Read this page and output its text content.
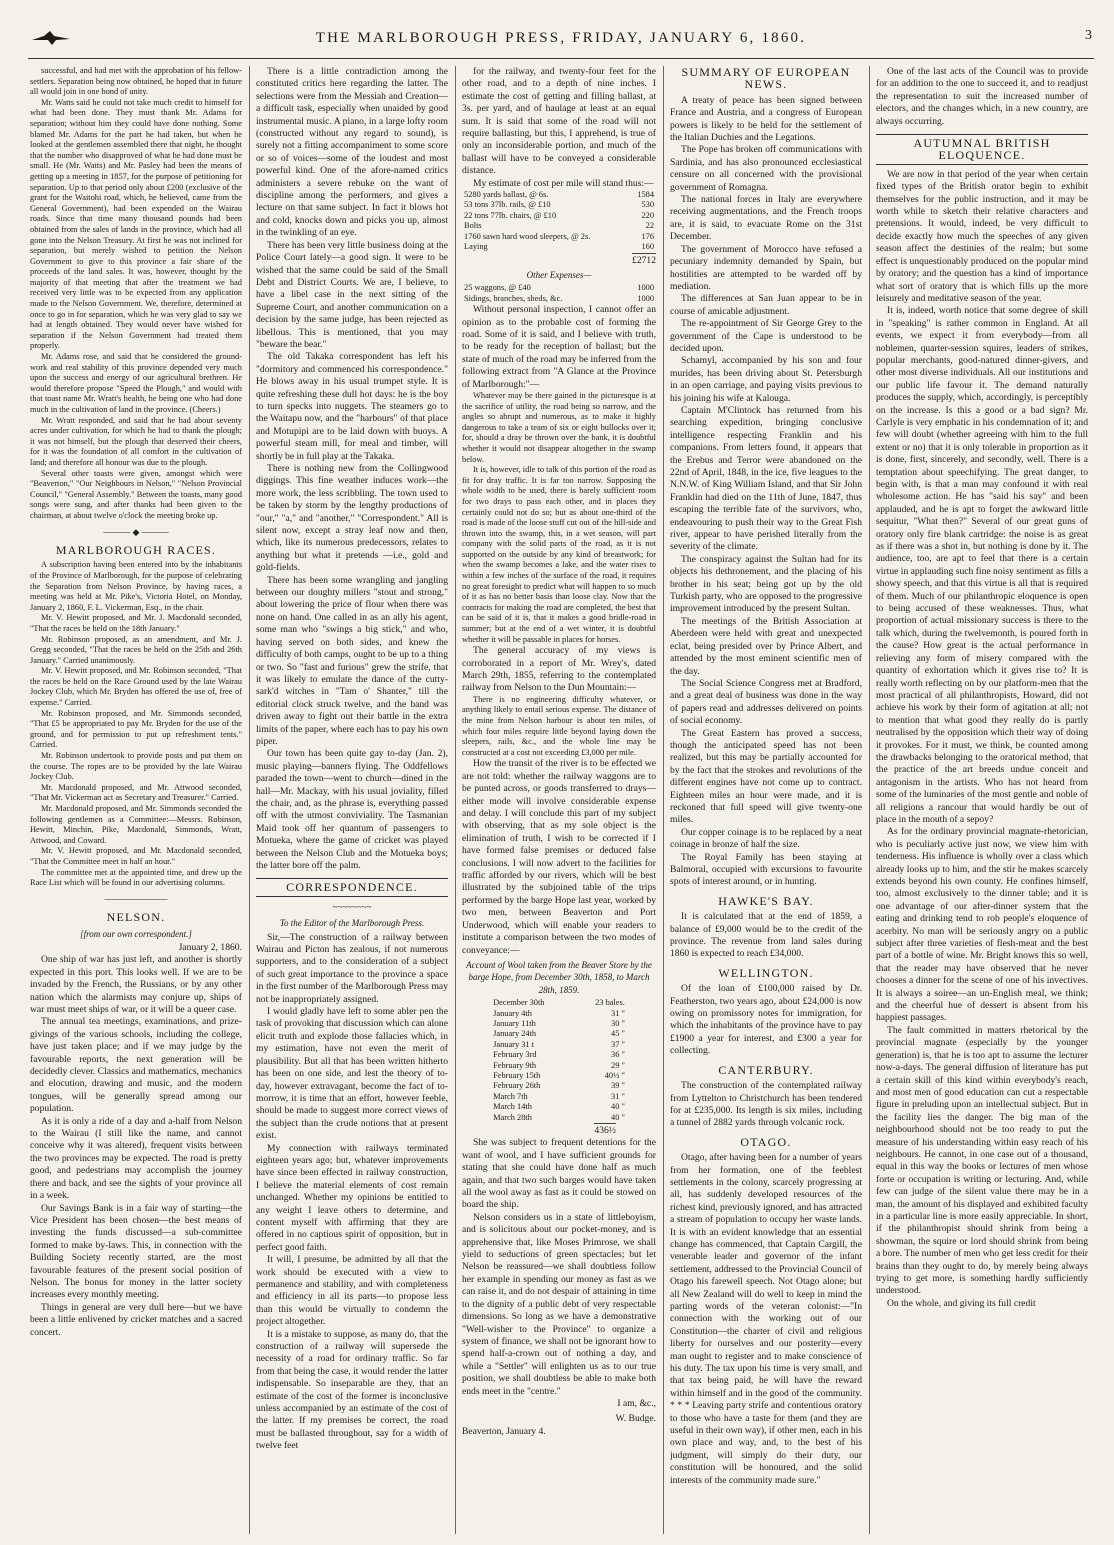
THE MARLBOROUGH PRESS, FRIDAY, JANUARY 6, 1860.	3

successful, and had met with the approbation of his fellow-settlers. Separation being now obtained, he hoped that in future all would join in one bond of unity.

Mr. Watts said he could not take much credit to himself for what had been done. They must thank Mr. Adams for separation; without him they could have done nothing. Some blamed Mr. Adams for the part he had taken, but when he looked at the gentlemen assembled there that night, he thought that the number who disapproved of what he had done must be small. He (Mr. Watts) and Mr. Pasley had been the means of getting up a meeting in 1857, for the purpose of petitioning for separation. Up to that period only about £200 (exclusive of the grant for the Waitohi road, which, he believed, came from the General Government), had been expended on the Wairau roads. Since that time many thousand pounds had been obtained from the sales of lands in the province, which had all gone into the Nelson Treasury. At first he was not inclined for separation, but merely wished to petition the Nelson Government to give to this province a fair share of the proceeds of the land sales. It was, however, thought by the majority of that meeting that after the treatment we had received very little was to be expected from any application made to the Nelson Government. We, therefore, determined at once to go in for separation, which he was very glad to say we had at length obtained. They would never have wished for separation if the Nelson Government had treated them properly.

Mr. Adams rose, and said that he considered the ground-work and real stability of this province depended very much upon the success and energy of our agricultural brethren. He would therefore propose "Speed the Plough," and would with that toast name Mr. Wratt's health, he being one who had done much in the cultivation of land in the province. (Cheers.)

Mr. Wratt responded, and said that he had about seventy acres under cultivation, for which he had to thank the plough; it was not himself, but the plough that deserved their cheers, for it was the foundation of all comfort in the cultivation of land; and therefore all honour was due to the plough.

Several other toasts were given, amongst which were "Beaverton," "Our Neighbours in Nelson," "Nelson Provincial Council," "General Assembly." Between the toasts, many good songs were sung, and after thanks had been given to the chairman, at about twelve o'clock the meeting broke up.

——— ◆ ———
MARLBOROUGH RACES.

A subscription having been entered into by the inhabitants of the Province of Marlborough, for the purpose of celebrating the Separation from Nelson Province, by having races, a meeting was held at Mr. Pike's, Victoria Hotel, on Monday, January 2, 1860, F. L. Vickerman, Esq., in the chair.

Mr. V. Hewitt proposed, and Mr. J. Macdonald seconded, "That the races be held on the 18th January."

Mr. Robinson proposed, as an amendment, and Mr. J. Gregg seconded, "That the races be held on the 25th and 26th January." Carried unanimously.

Mr. V. Hewitt proposed, and Mr. Robinson seconded, "That the races be held on the Race Ground used by the late Wairau Jockey Club, which Mr. Bryden has offered the use of, free of expense." Carried.

Mr. Robinson proposed, and Mr. Simmonds seconded, "That £5 be appropriated to pay Mr. Bryden for the use of the ground, and for permission to put up refreshment tents." Carried.

Mr. Robinson undertook to provide posts and put them on the course. The ropes are to be provided by the late Wairau Jockey Club.

Mr. Macdonald proposed, and Mr. Attwood seconded, "That Mr. Vickerman act as Secretary and Treasurer." Carried.

Mr. Macdonald proposed, and Mr. Simmonds seconded the following gentlemen as a Committee:—Messrs. Robinson, Hewitt, Minchin, Pike, Macdonald, Simmonds, Wratt, Attwood, and Coward.

Mr. V. Hewitt proposed, and Mr. Macdonald seconded, "That the Committee meet in half an hour."

The committee met at the appointed time, and drew up the Race List which will be found in our advertising columns.

———————
NELSON.
[from our own correspondent.]
January 2, 1860.

One ship of war has just left, and another is shortly expected in this port. This looks well. If we are to be invaded by the French, the Russians, or by any other nation which the alarmists may conjure up, ships of war must meet ships of war, or it will be a queer case.

The annual tea meetings, examinations, and prize-givings of the various schools, including the college, have just taken place; and if we may judge by the favourable reports, the next generation will be decidedly clever. Classics and mathematics, mechanics and elocution, drawing and music, and the modern tongues, will be generally spread among our population.

As it is only a ride of a day and a-half from Nelson to the Wairau (I still like the name, and cannot conceive why it was altered), frequent visits between the two provinces may be expected. The road is pretty good, and pedestrians may accomplish the journey there and back, and see the sights of your province all in a week.

Our Savings Bank is in a fair way of starting—the Vice President has been chosen—the best means of investing the funds discussed—a sub-committee formed to make by-laws. This, in connection with the Building Society recently started, are the most favourable features of the present social position of Nelson. The bonus for money in the latter society increases every monthly meeting.

Things in general are very dull here—but we have been a little enlivened by cricket matches and a sacred concert.

There is a little contradiction among the constituted critics here regarding the latter. The selections were from the Messiah and Creation—a difficult task, especially when unaided by good instrumental music. A piano, in a large lofty room (constructed without any regard to sound), is surely not a fitting accompaniment to some score or so of voices—some of the loudest and most powerful kind. One of the afore-named critics administers a severe rebuke on the want of discipline among the performers, and gives a lecture on that same subject. In fact it blows hot and cold, knocks down and picks you up, almost in the twinkling of an eye.

There has been very little business doing at the Police Court lately—a good sign. It were to be wished that the same could be said of the Small Debt and District Courts. We are, I believe, to have a libel case in the next sitting of the Supreme Court, and another communication on a decision by the same judge, has been rejected as libellous. This is mentioned, that you may "beware the bear."

The old Takaka correspondent has left his "dormitory and commenced his correspondence." He blows away in his usual trumpet style. It is quite refreshing these dull hot days: he is the boy to turn specks into nuggets. The steamers go to the Waitapu now, and the "harbours" of that place and Motupipi are to be laid down with buoys. A powerful steam mill, for meal and timber, will shortly be in full play at the Takaka.

There is nothing new from the Collingwood diggings. This fine weather induces work—the more work, the less scribbling. The town used to be taken by storm by the lengthy productions of "our," "a," and "another," "Correspondent." All is silent now, except a stray leaf now and then, which, like its numerous predecessors, relates to anything but what it pretends —i.e., gold and gold-fields.

There has been some wrangling and jangling between our doughty millers "stout and strong," about lowering the price of flour when there was none on hand. One called in as an ally his agent, some man who "swings a big stick," and who, having served on both sides, and knew the difficulty of both camps, ought to be up to a thing or two. So "fast and furious" grew the strife, that it was likely to emulate the dance of the cutty-sark'd witches in "Tam o' Shanter," till the editorial clock struck twelve, and the band was driven away to fight out their battle in the extra limits of the paper, where each has to pay his own piper.

Our town has been quite gay to-day (Jan. 2), music playing—banners flying. The Oddfellows paraded the town—went to church—dined in the hall—Mr. Mackay, with his usual joviality, filled the chair, and, as the phrase is, everything passed off with the utmost conviviality. The Tasmanian Maid took off her quantum of passengers to Motueka, where the game of cricket was played between the Nelson Club and the Motueka boys; the latter bore off the palm.

CORRESPONDENCE.
~~~~~~~~
To the Editor of the Marlborough Press.

Sir,—The construction of a railway between Wairau and Picton has zealous, if not numerous supporters, and to the consideration of a subject of such great importance to the province a space in the first number of the Marlborough Press may not be inappropriately assigned.

I would gladly have left to some abler pen the task of provoking that discussion which can alone elicit truth and explode those fallacies which, in my estimation, have not even the merit of plausibility. But all that has been written hitherto has been on one side, and lest the theory of to-day, however extravagant, become the fact of to-morrow, it is time that an effort, however feeble, should be made to suggest more correct views of the subject than the crude notions that at present exist.

My connection with railways terminated eighteen years ago; but, whatever improvements have since been effected in railway construction, I believe the material elements of cost remain unchanged. Whether my opinions be entitled to any weight I leave others to determine, and content myself with affirming that they are offered in no captious spirit of opposition, but in perfect good faith.

It will, I presume, be admitted by all that the work should be executed with a view to permanence and stability, and with completeness and efficiency in all its parts—to propose less than this would be virtually to condemn the project altogether.

It is a mistake to suppose, as many do, that the construction of a railway will supersede the necessity of a road for ordinary traffic. So far from that being the case, it would render the latter indispensable. So inseparable are they, that an estimate of the cost of the former is inconclusive unless accompanied by an estimate of the cost of the latter. If my premises be correct, the road must be ballasted throughout, say for a width of twelve feet

for the railway, and twenty-four feet for the other road, and to a depth of nine inches. I estimate the cost of getting and filling ballast, at 3s. per yard, and of haulage at least at an equal sum. It is said that some of the road will not require ballasting, but this, I apprehend, is true of only an inconsiderable portion, and much of the ballast will have to be conveyed a considerable distance.

My estimate of cost per mile will stand thus:—

5280 yards ballast, @ 6s.	1584
53 tons 37lb. rails, @ £10	530
22 tons 77lb. chairs, @ £10	220
Bolts	22
1760 sawn hard wood sleepers, @ 2s.	176
Laying	160
£2712
Other Expenses—
25 waggons, @ £40	1000
Sidings, branches, sheds, &c.	1000

Without personal inspection, I cannot offer an opinion as to the probable cost of forming the road. Some of it is said, and I believe with truth, to be ready for the reception of ballast; but the state of much of the road may be inferred from the following extract from "A Glance at the Province of Marlborough:"—

Whatever may be there gained in the picturesque is at the sacrifice of utility, the road being so narrow, and the angles so abrupt and numerous, as to make it highly dangerous to take a team of six or eight bullocks over it; for, should a dray be thrown over the bank, it is doubtful whether it would not disappear altogether in the swamp below.

It is, however, idle to talk of this portion of the road as fit for dray traffic. It is far too narrow. Supposing the whole width to be used, there is barely sufficient room for two drays to pass each other, and in places they certainly could not do so; but as about one-third of the road is made of the loose stuff cut out of the hill-side and thrown into the swamp, this, in a wet season, will part company with the solid parts of the road, as it is not supported on the outside by any kind of breastwork; for when the swamp becomes a lake, and the water rises to within a few inches of the surface of the road, it requires no great foresight to predict what will happen to so much of it as has no better basis than loose clay. Now that the contracts for making the road are completed, the best that can be said of it is, that it makes a good bridle-road in summer; but at the end of a wet winter, it is doubtful whether it will be passable in places for horses.

The general accuracy of my views is corroborated in a report of Mr. Wrey's, dated March 29th, 1855, referring to the contemplated railway from Nelson to the Dun Mountain:—

There is no engineering difficulty whatever, or anything likely to entail serious expense. The distance of the mine from Nelson harbour is about ten miles, of which four miles require little beyond laying down the sleepers, rails, &c., and the whole line may be constructed at a cost not exceeding £3,000 per mile.

How the transit of the river is to be effected we are not told: whether the railway waggons are to be punted across, or goods transferred to drays—either mode will involve considerable expense and delay. I will conclude this part of my subject with observing, that as my sole object is the elimination of truth, I wish to be corrected if I have formed false premises or deduced false conclusions. I will now advert to the facilities for traffic afforded by our rivers, which will be best illustrated by the subjoined table of the trips performed by the barge Hope last year, worked by two men, between Beaverton and Port Underwood, which will enable your readers to institute a comparison between the two modes of conveyance:—

Account of Wool taken from the Beaver Store by the barge Hope, from December 30th, 1858, to March 28th, 1859.
December 30th	23 bales.
January 4th	31 "
January 11th	30 "
January 24th	45 "
January 31 t	37 "
February 3rd	36 "
February 9th	29 "
February 15th	40½ "
February 26th	39 "
March 7th	31 "
March 14th	40 "
March 28th	40 "
436½

She was subject to frequent detentions for the want of wool, and I have sufficient grounds for stating that she could have done half as much again, and that two such barges would have taken all the wool away as fast as it could be stowed on board the ship.

Nelson considers us in a state of littleboyism, and is solicitous about our pocket-money, and is apprehensive that, like Moses Primrose, we shall yield to seductions of green spectacles; but let Nelson be reassured—we shall doubtless follow her example in spending our money as fast as we can raise it, and do not despair of attaining in time to the dignity of a public debt of very respectable dimensions. So long as we have a demonstrative "Well-wisher to the Province" to organize a system of finance, we shall not be ignorant how to spend half-a-crown out of nothing a day, and while a "Settler" will enlighten us as to our true position, we shall doubtless be able to make both ends meet in the "centre."

I am, &c.,
W. Budge.
Beaverton, January 4.
SUMMARY OF EUROPEAN NEWS.

A treaty of peace has been signed between France and Austria, and a congress of European powers is likely to be held for the settlement of the Italian Duchies and the Legations.

The Pope has broken off communications with Sardinia, and has also pronounced ecclesiastical censure on all concerned with the provisional government of Romagna.

The national forces in Italy are everywhere receiving augmentations, and the French troops are, it is said, to evacuate Rome on the 31st December.

The government of Morocco have refused a pecuniary indemnity demanded by Spain, but hostilities are attempted to be warded off by mediation.

The differences at San Juan appear to be in course of amicable adjustment.

The re-appointment of Sir George Grey to the government of the Cape is understood to be decided upon.

Schamyl, accompanied by his son and four murides, has been driving about St. Petersburgh in an open carriage, and paying visits previous to his joining his wife at Kalouga.

Captain M'Clintock has returned from his searching expedition, bringing conclusive intelligence respecting Franklin and his companions. From letters found, it appears that the Erebus and Terror were abandoned on the 22nd of April, 1848, in the ice, five leagues to the N.N.W. of King William Island, and that Sir John Franklin had died on the 11th of June, 1847, thus escaping the terrible fate of the survivors, who, endeavouring to push their way to the Great Fish river, appear to have perished literally from the severity of the climate.

The conspiracy against the Sultan had for its objects his dethronement, and the placing of his brother in his seat; being got up by the old Turkish party, who are opposed to the progressive improvement introduced by the present Sultan.

The meetings of the British Association at Aberdeen were held with great and unexpected eclat, being presided over by Prince Albert, and attended by the most eminent scientific men of the day.

The Social Science Congress met at Bradford, and a great deal of business was done in the way of papers read and addresses delivered on points of social economy.

The Great Eastern has proved a success, though the anticipated speed has not been realized, but this may be partially accounted for by the fact that the strokes and revolutions of the different engines have not come up to contract. Eighteen miles an hour were made, and it is reckoned that full speed will give twenty-one miles.

Our copper coinage is to be replaced by a neat coinage in bronze of half the size.

The Royal Family has been staying at Balmoral, occupied with excursions to favourite spots of interest around, or in hunting.

HAWKE'S BAY.

It is calculated that at the end of 1859, a balance of £9,000 would be to the credit of the province. The revenue from land sales during 1860 is expected to reach £34,000.

WELLINGTON.

Of the loan of £100,000 raised by Dr. Featherston, two years ago, about £24,000 is now owing on promissory notes for immigration, for which the inhabitants of the province have to pay £1900 a year for interest, and £300 a year for collecting.

CANTERBURY.

The construction of the contemplated railway from Lyttelton to Christchurch has been tendered for at £235,000. Its length is six miles, including a tunnel of 2882 yards through volcanic rock.

OTAGO.

Otago, after having been for a number of years from her formation, one of the feeblest settlements in the colony, scarcely progressing at all, has suddenly developed resources of the richest kind, previously ignored, and has attracted a stream of population to occupy her waste lands. It is with an evident knowledge that an essential change has commenced, that Captain Cargill, the venerable leader and governor of the infant settlement, addressed to the Provincial Council of Otago his farewell speech. Not Otago alone; but all New Zealand will do well to keep in mind the parting words of the veteran colonist:—"In connection with the working out of our Constitution—the charter of civil and religious liberty for ourselves and our posterity—every man ought to register and to make conscience of his duty. The tax upon his time is very small, and that tax being paid, he will have the reward within himself and in the good of the community. * * * Leaving party strife and contentious oratory to those who have a taste for them (and they are useful in their own way), if other men, each in his own place and way, and, to the best of his judgment, will simply do their duty, our constitution will be honoured, and the solid interests of the community made sure."

One of the last acts of the Council was to provide for an addition to the one to succeed it, and to readjust the representation to suit the increased number of electors, and the changes which, in a new country, are always occurring.

AUTUMNAL BRITISH ELOQUENCE.

We are now in that period of the year when certain fixed types of the British orator begin to exhibit themselves for the public instruction, and it may be worth while to sketch their relative characters and pretensions. It would, indeed, be very difficult to decide exactly how much the speeches of any given season affect the destinies of the realm; but some effect is unquestionably produced on the popular mind by oratory; and the question has a kind of importance what sort of oratory that is which fills up the more leisurely and meditative season of the year.

It is, indeed, worth notice that some degree of skill in "speaking" is rather common in England. At all events, we expect it from everybody—from all noblemen, quarter-session squires, leaders of strikes, popular merchants, good-natured dinner-givers, and other most diverse individuals. All our institutions and our public life favour it. The demand naturally produces the supply, which, accordingly, is perceptibly on the increase. Is this a good or a bad sign? Mr. Carlyle is very emphatic in his condemnation of it; and few will doubt (whether agreeing with him to the full extent or no) that it is only tolerable in proportion as it is done, first, sincerely, and secondly, well. There is a temptation about speechifying. The great danger, to begin with, is that a man may confound it with real wholesome action. He has "said his say" and been applauded, and he is apt to forget the awkward little sequitur, "What then?" Several of our great guns of oratory only fire blank cartridge: the noise is as great as if there was a shot in, but nothing is done by it. The audience, too, are apt to feel that there is a certain virtue in applauding such fine noisy sentiment as fills a showy speech, and that this virtue is all that is required of them. Much of our philanthropic eloquence is open to being accused of these weaknesses. Thus, what proportion of actual missionary success is there to the talk which, during the twelvemonth, is poured forth in the cause? How great is the actual performance in relieving any form of misery compared with the quantity of exhortation which it gives rise to? It is really worth reflecting on by our platform-men that the most practical of all philanthropists, Howard, did not achieve his work by their form of agitation at all; not to mention that what good they really do is partly neutralised by the opposition which their way of doing it provokes. For it must, we think, be counted among the drawbacks belonging to the oratorical method, that the practice of the art breeds undue conceit and antagonism in the artists. Who has not heard from some of the luminaries of the most gentle and noble of all religions a rancour that would hardly be out of place in the mouth of a sepoy?

As for the ordinary provincial magnate-rhetorician, who is peculiarly active just now, we view him with tenderness. His influence is wholly over a class which already looks up to him, and the stir he makes scarcely extends beyond his own county. He confines himself, too, almost exclusively to the dinner table; and it is one advantage of our after-dinner system that the eating and drinking tend to rob people's eloquence of acerbity. No man will be seriously angry on a public subject after three varieties of flesh-meat and the best part of a bottle of wine. Mr. Bright knows this so well, that the reader may have observed that he never chooses a dinner for the scene of one of his invectives. It is always a soiree—an un-English meal, we think; and the cheerful hue of dessert is absent from his happiest passages.

The fault committed in matters rhetorical by the provincial magnate (especially by the younger generation) is, that he is too apt to assume the lecturer now-a-days. The general diffusion of literature has put a certain skill of this kind within everybody's reach, and most men of good education can cut a respectable figure in preluding upon an intellectual subject. But in the facility lies the danger. The big man of the neighbourhood should not be too ready to put the measure of his understanding within easy reach of his neighbours. He cannot, in one case out of a thousand, equal in this way the books or lectures of men whose forte or occupation is writing or lecturing. And, while few can judge of the silent value there may be in a man, the amount of his displayed and exhibited faculty in a particular line is more easily appreciable. In short, if the philanthropist should shrink from being a showman, the squire or lord should shrink from being a bore. The number of men who get less credit for their brains than they ought to do, by merely being always trying to get more, is something hardly sufficiently understood.

On the whole, and giving its full credit
